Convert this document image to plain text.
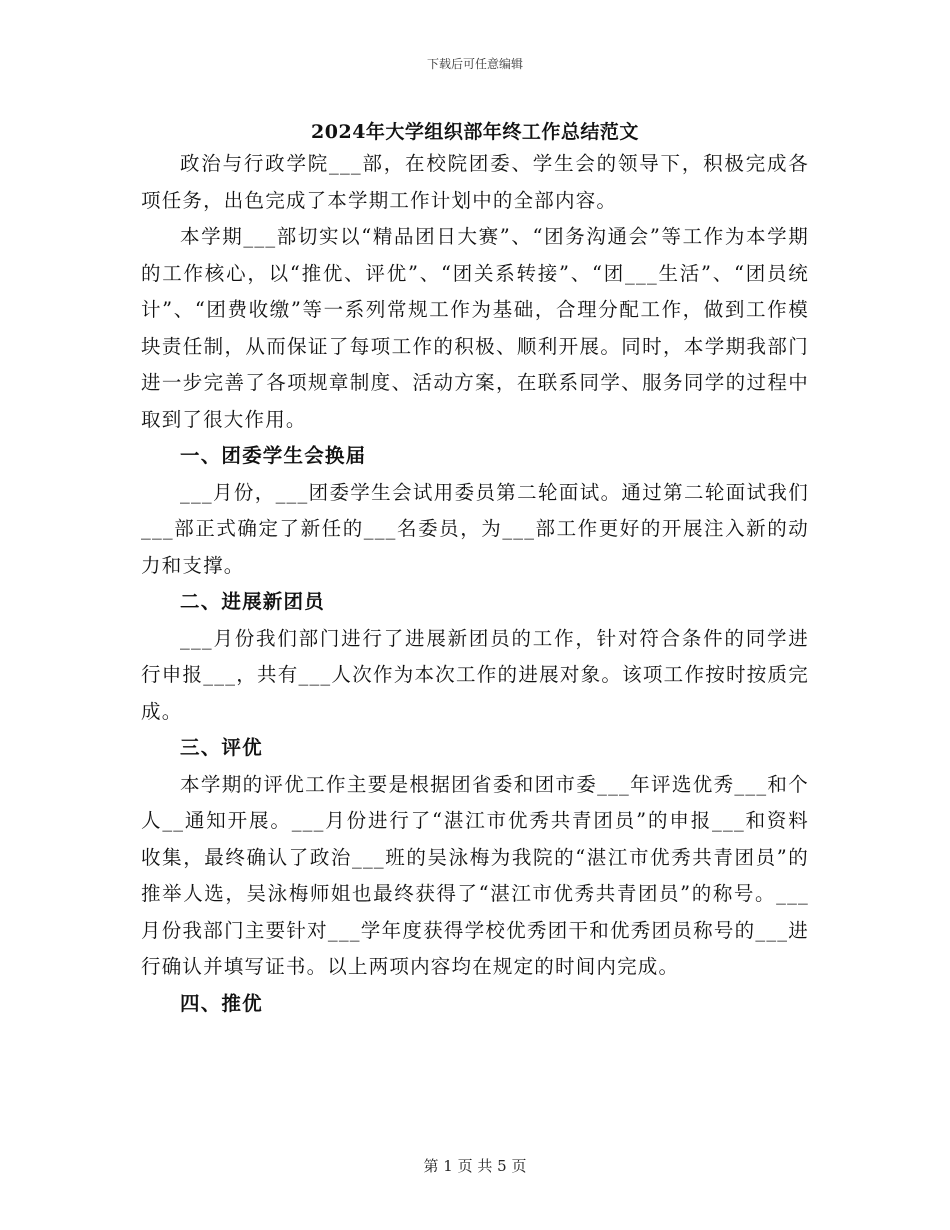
下载后可任意编辑
2024年大学组织部年终工作总结范文

政治与行政学院___部，在校院团委、学生会的领导下，积极完成各项任务，出色完成了本学期工作计划中的全部内容。

本学期___部切实以“精品团日大赛”、“团务沟通会”等工作为本学期的工作核心，以“推优、评优”、“团关系转接”、“团___生活”、“团员统计”、“团费收缴”等一系列常规工作为基础，合理分配工作，做到工作模块责任制，从而保证了每项工作的积极、顺利开展。同时，本学期我部门进一步完善了各项规章制度、活动方案，在联系同学、服务同学的过程中取到了很大作用。

一、团委学生会换届

___月份，___团委学生会试用委员第二轮面试。通过第二轮面试我们___部正式确定了新任的___名委员，为___部工作更好的开展注入新的动力和支撑。

二、进展新团员

___月份我们部门进行了进展新团员的工作，针对符合条件的同学进行申报___，共有___人次作为本次工作的进展对象。该项工作按时按质完成。

三、评优

本学期的评优工作主要是根据团省委和团市委___年评选优秀___和个人__通知开展。___月份进行了“湛江市优秀共青团员”的申报___和资料收集，最终确认了政治___班的吴泳梅为我院的“湛江市优秀共青团员”的推举人选，吴泳梅师姐也最终获得了“湛江市优秀共青团员”的称号。___月份我部门主要针对___学年度获得学校优秀团干和优秀团员称号的___进行确认并填写证书。以上两项内容均在规定的时间内完成。

四、推优
第 1 页 共 5 页
